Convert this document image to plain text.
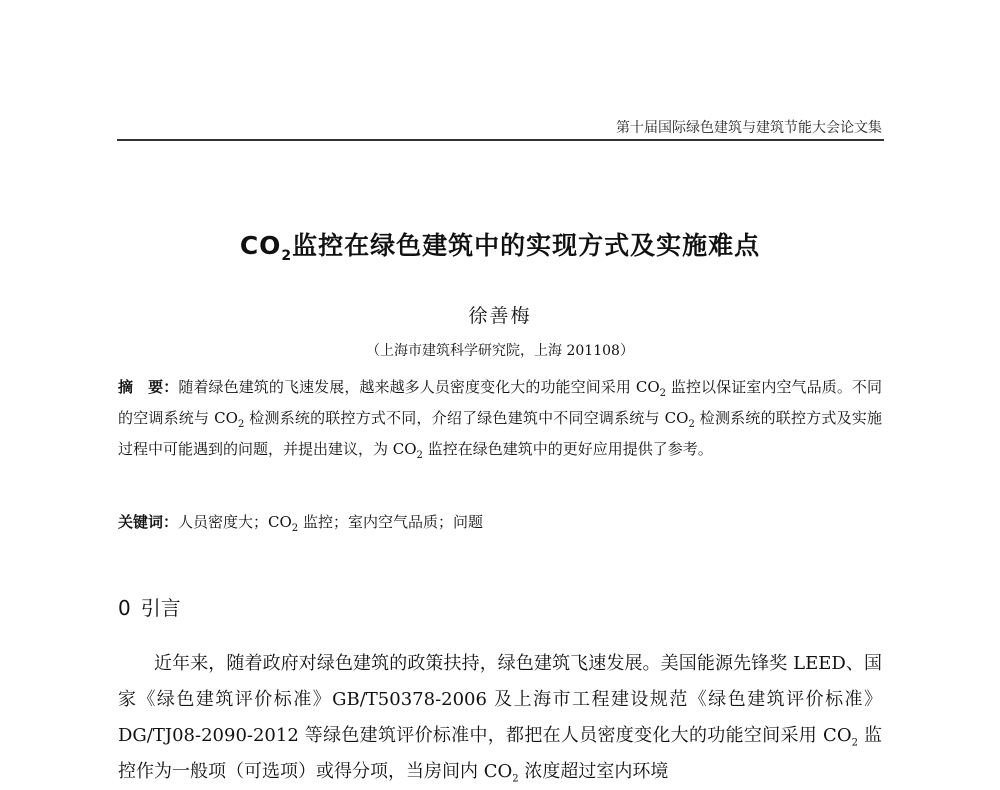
第十届国际绿色建筑与建筑节能大会论文集
$CO_2$监控在绿色建筑中的实现方式及实施难点
徐善梅
（上海市建筑科学研究院，上海 201108）
摘　要：随着绿色建筑的飞速发展，越来越多人员密度变化大的功能空间采用 $CO_2$ 监控以保证室内空气品质。不同的空调系统与 $CO_2$ 检测系统的联控方式不同，介绍了绿色建筑中不同空调系统与 $CO_2$ 检测系统的联控方式及实施过程中可能遇到的问题，并提出建议，为 $CO_2$ 监控在绿色建筑中的更好应用提供了参考。
关键词：人员密度大；$CO_2$ 监控；室内空气品质；问题
0 引言
近年来，随着政府对绿色建筑的政策扶持，绿色建筑飞速发展。美国能源先锋奖 LEED、国家《绿色建筑评价标准》GB/T50378-2006 及上海市工程建设规范《绿色建筑评价标准》DG/TJ08-2090-2012 等绿色建筑评价标准中，都把在人员密度变化大的功能空间采用 $CO_2$ 监控作为一般项（可选项）或得分项，当房间内 $CO_2$ 浓度超过室内环境
